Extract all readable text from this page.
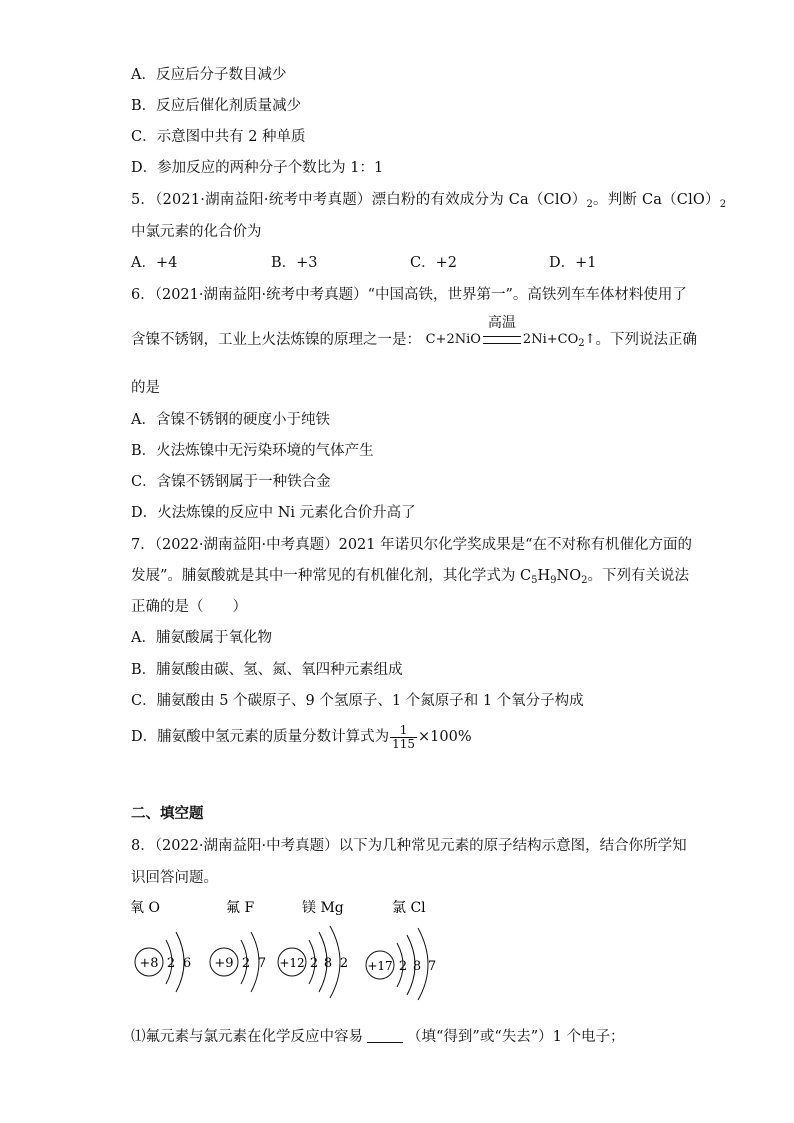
A．反应后分子数目减少
B．反应后催化剂质量减少
C．示意图中共有 2 种单质
D．参加反应的两种分子个数比为 1：1
5．（2021·湖南益阳·统考中考真题）漂白粉的有效成分为 $Ca(ClO)_2$。判断 $Ca(ClO)_2$
中氯元素的化合价为
A．+4	B．+3	C．+2	D．+1
6．（2021·湖南益阳·统考中考真题）“中国高铁，世界第一”。高铁列车车体材料使用了
含镍不锈钢，工业上火法炼镍的原理之一是： C+2NiO
高温
$2Ni+CO_2↑$。下列说法正确
的是
A．含镍不锈钢的硬度小于纯铁
B．火法炼镍中无污染环境的气体产生
C．含镍不锈钢属于一种铁合金
D．火法炼镍的反应中 Ni 元素化合价升高了
7．（2022·湖南益阳·中考真题）2021 年诺贝尔化学奖成果是“在不对称有机催化方面的
发展”。脯氨酸就是其中一种常见的有机催化剂，其化学式为 $C_5H_9NO_2$。下列有关说法
正确的是（　　）
A．脯氨酸属于氧化物
B．脯氨酸由碳、氢、氮、氧四种元素组成
C．脯氨酸由 5 个碳原子、9 个氢原子、1 个氮原子和 1 个氧分子构成
D．脯氨酸中氢元素的质量分数计算式为 $\frac{1}{115} \times 100\%$
二、填空题
8．（2022·湖南益阳·中考真题）以下为几种常见元素的原子结构示意图，结合你所学知
识回答问题。
氧 O
+8 2 6
氟 F
+9 2 7
镁 Mg
+12 2 8 2
氯 Cl
+17 2 8 7
⑴氟元素与氯元素在化学反应中容易	（填“得到”或“失去”）1 个电子；
